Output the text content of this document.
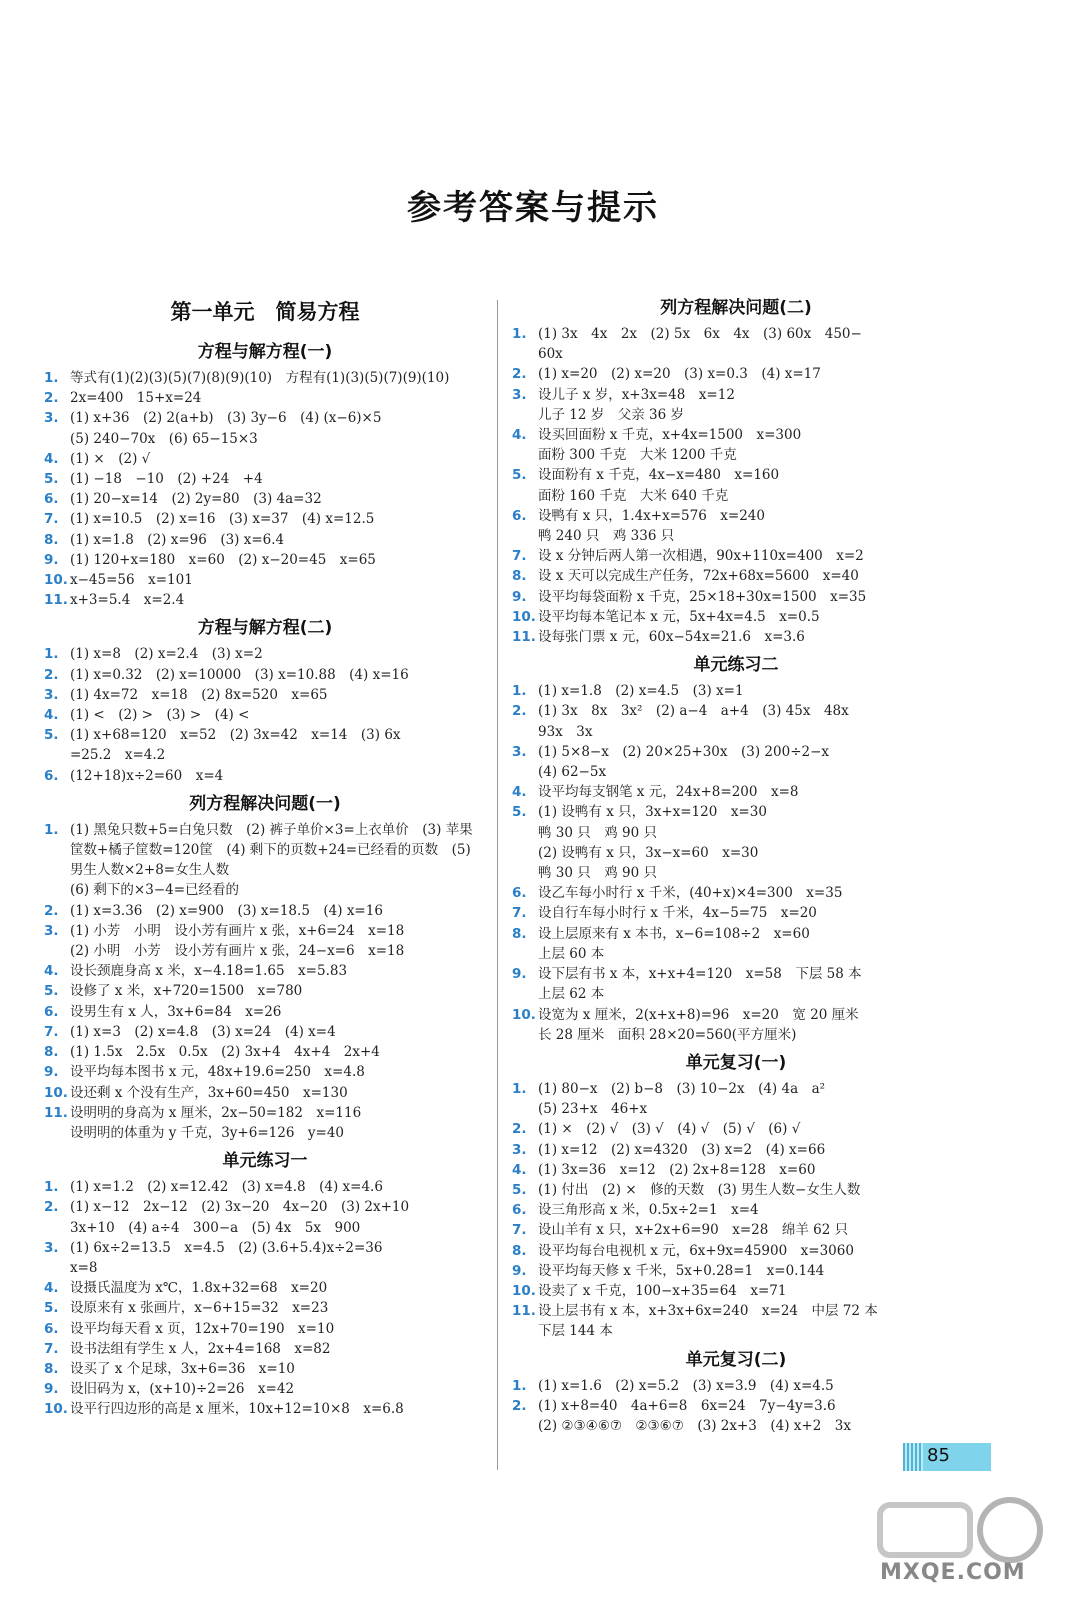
参考答案与提示
第一单元　简易方程
方程与解方程(一)
1. 等式有(1)(2)(3)(5)(7)(8)(9)(10)　方程有(1)(3)(5)(7)(9)(10)
2. 2x=400　15+x=24
3. (1) x+36　(2) 2(a+b)　(3) 3y−6　(4) (x−6)×5
(5) 240−70x　(6) 65−15×3
4. (1) ×　(2) √
5. (1) −18　−10　(2) +24　+4
6. (1) 20−x=14　(2) 2y=80　(3) 4a=32
7. (1) x=10.5　(2) x=16　(3) x=37　(4) x=12.5
8. (1) x=1.8　(2) x=96　(3) x=6.4
9. (1) 120+x=180　x=60　(2) x−20=45　x=65
10. x−45=56　x=101
11. x+3=5.4　x=2.4
方程与解方程(二)
1. (1) x=8　(2) x=2.4　(3) x=2
2. (1) x=0.32　(2) x=10000　(3) x=10.88　(4) x=16
3. (1) 4x=72　x=18　(2) 8x=520　x=65
4. (1) <　(2) >　(3) >　(4) <
5. (1) x+68=120　x=52　(2) 3x=42　x=14　(3) 6x
=25.2　x=4.2
6. (12+18)x÷2=60　x=4
列方程解决问题(一)
1. (1) 黑兔只数+5=白兔只数　(2) 裤子单价×3=上衣单价　(3) 苹果筐数+橘子筐数=120筐　(4) 剩下的页数+24=已经看的页数　(5) 男生人数×2+8=女生人数
(6) 剩下的×3−4=已经看的
2. (1) x=3.36　(2) x=900　(3) x=18.5　(4) x=16
3. (1) 小芳　小明　设小芳有画片 x 张，x+6=24　x=18
(2) 小明　小芳　设小芳有画片 x 张，24−x=6　x=18
4. 设长颈鹿身高 x 米，x−4.18=1.65　x=5.83
5. 设修了 x 米，x+720=1500　x=780
6. 设男生有 x 人，3x+6=84　x=26
7. (1) x=3　(2) x=4.8　(3) x=24　(4) x=4
8. (1) 1.5x　2.5x　0.5x　(2) 3x+4　4x+4　2x+4
9. 设平均每本图书 x 元，48x+19.6=250　x=4.8
10. 设还剩 x 个没有生产，3x+60=450　x=130
11. 设明明的身高为 x 厘米，2x−50=182　x=116
设明明的体重为 y 千克，3y+6=126　y=40
单元练习一
1. (1) x=1.2　(2) x=12.42　(3) x=4.8　(4) x=4.6
2. (1) x−12　2x−12　(2) 3x−20　4x−20　(3) 2x+10
3x+10　(4) a÷4　300−a　(5) 4x　5x　900
3. (1) 6x÷2=13.5　x=4.5　(2) (3.6+5.4)x÷2=36
x=8
4. 设摄氏温度为 x℃，1.8x+32=68　x=20
5. 设原来有 x 张画片，x−6+15=32　x=23
6. 设平均每天看 x 页，12x+70=190　x=10
7. 设书法组有学生 x 人，2x+4=168　x=82
8. 设买了 x 个足球，3x+6=36　x=10
9. 设旧码为 x，(x+10)÷2=26　x=42
10. 设平行四边形的高是 x 厘米，10x+12=10×8　x=6.8
列方程解决问题(二)
1. (1) 3x　4x　2x　(2) 5x　6x　4x　(3) 60x　450−
60x
2. (1) x=20　(2) x=20　(3) x=0.3　(4) x=17
3. 设儿子 x 岁，x+3x=48　x=12
儿子 12 岁　父亲 36 岁
4. 设买回面粉 x 千克，x+4x=1500　x=300
面粉 300 千克　大米 1200 千克
5. 设面粉有 x 千克，4x−x=480　x=160
面粉 160 千克　大米 640 千克
6. 设鸭有 x 只，1.4x+x=576　x=240
鸭 240 只　鸡 336 只
7. 设 x 分钟后两人第一次相遇，90x+110x=400　x=2
8. 设 x 天可以完成生产任务，72x+68x=5600　x=40
9. 设平均每袋面粉 x 千克，25×18+30x=1500　x=35
10. 设平均每本笔记本 x 元，5x+4x=4.5　x=0.5
11. 设每张门票 x 元，60x−54x=21.6　x=3.6
单元练习二
1. (1) x=1.8　(2) x=4.5　(3) x=1
2. (1) 3x　8x　3x²　(2) a−4　a+4　(3) 45x　48x
93x　3x
3. (1) 5×8−x　(2) 20×25+30x　(3) 200÷2−x
(4) 62−5x
4. 设平均每支钢笔 x 元，24x+8=200　x=8
5. (1) 设鸭有 x 只，3x+x=120　x=30
鸭 30 只　鸡 90 只
(2) 设鸭有 x 只，3x−x=60　x=30
鸭 30 只　鸡 90 只
6. 设乙车每小时行 x 千米，(40+x)×4=300　x=35
7. 设自行车每小时行 x 千米，4x−5=75　x=20
8. 设上层原来有 x 本书，x−6=108÷2　x=60
上层 60 本
9. 设下层有书 x 本，x+x+4=120　x=58　下层 58 本
上层 62 本
10. 设宽为 x 厘米，2(x+x+8)=96　x=20　宽 20 厘米
长 28 厘米　面积 28×20=560(平方厘米)
单元复习(一)
1. (1) 80−x　(2) b−8　(3) 10−2x　(4) 4a　a²
(5) 23+x　46+x
2. (1) ×　(2) √　(3) √　(4) √　(5) √　(6) √
3. (1) x=12　(2) x=4320　(3) x=2　(4) x=66
4. (1) 3x=36　x=12　(2) 2x+8=128　x=60
5. (1) 付出　(2) ×　修的天数　(3) 男生人数−女生人数
6. 设三角形高 x 米，0.5x÷2=1　x=4
7. 设山羊有 x 只，x+2x+6=90　x=28　绵羊 62 只
8. 设平均每台电视机 x 元，6x+9x=45900　x=3060
9. 设平均每天修 x 千米，5x+0.28=1　x=0.144
10. 设卖了 x 千克，100−x+35=64　x=71
11. 设上层书有 x 本，x+3x+6x=240　x=24　中层 72 本
下层 144 本
单元复习(二)
1. (1) x=1.6　(2) x=5.2　(3) x=3.9　(4) x=4.5
2. (1) x+8=40　4a+6=8　6x=24　7y−4y=3.6
(2) ②③④⑥⑦　②③⑥⑦　(3) 2x+3　(4) x+2　3x
85
MXQE.COM
